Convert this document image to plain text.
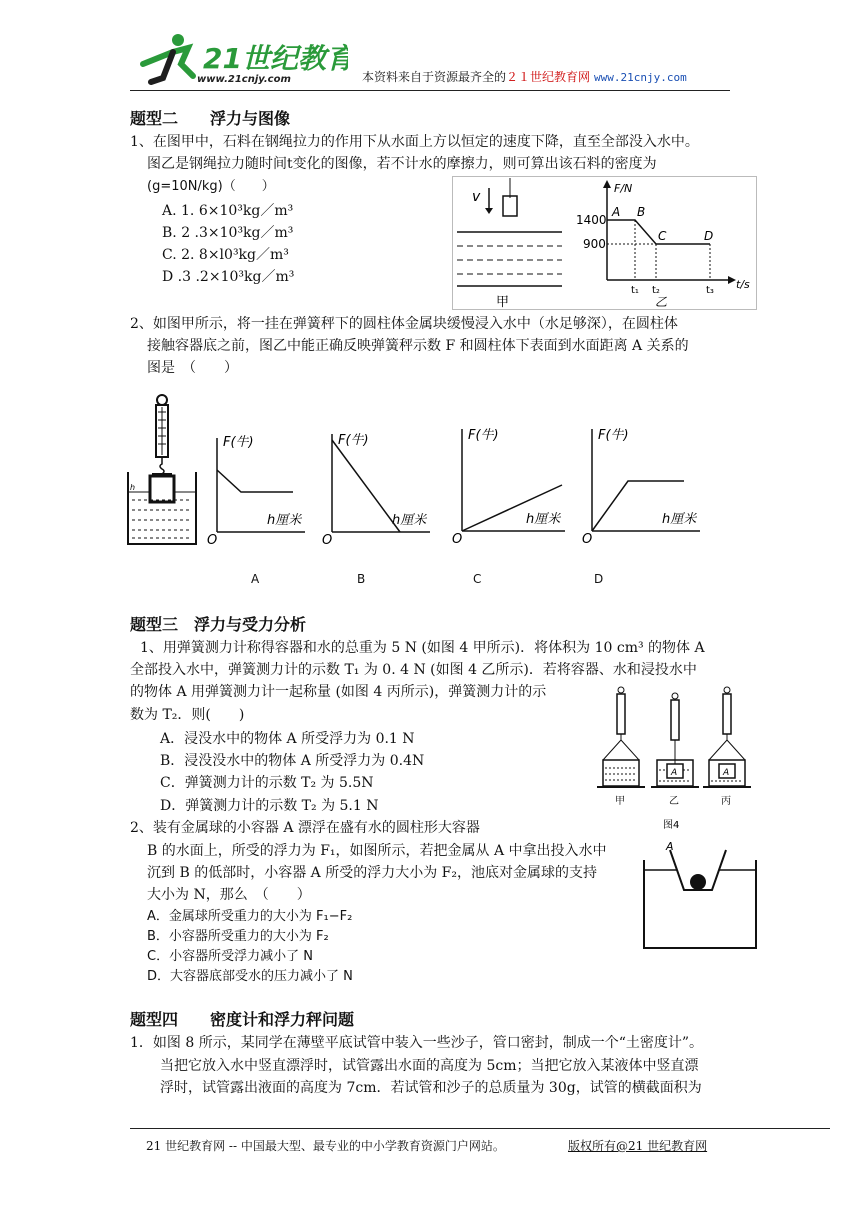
21世纪教育
www.21cnjy.com	本资料来自于资源最齐全的２１世纪教育网 www.21cnjy.com
题型二　　浮力与图像
1、在图甲中，石料在钢绳拉力的作用下从水面上方以恒定的速度下降，直至全部没入水中。
图乙是钢绳拉力随时间t变化的图像，若不计水的摩擦力，则可算出该石料的密度为
(g=10N/kg)（　　）
A. 1. 6×10³kg／m³
B. 2 .3×10³kg／m³
C. 2. 8×l0³kg／m³
D .3 .2×10³kg／m³
v
甲
F/N
t/s
1400
900
A B
C	D
t₁ t₂	t₃
乙
2、如图甲所示，将一挂在弹簧秤下的圆柱体金属块缓慢浸入水中（水足够深），在圆柱体
接触容器底之前，图乙中能正确反映弹簧秤示数 F 和圆柱体下表面到水面距离 A 关系的
图是　（　　）
h
F(牛)
h厘米
O
F(牛)
h厘米
O
F(牛)
h厘米
O
F(牛)
h厘米
O
A	B	C	D
题型三　浮力与受力分析
1、用弹簧测力计称得容器和水的总重为 5 N (如图 4 甲所示)．将体积为 10 cm³ 的物体 A
全部投入水中，弹簧测力计的示数 T₁ 为 0. 4 N (如图 4 乙所示)．若将容器、水和浸投水中
的物体 A 用弹簧测力计一起称量 (如图 4 丙所示)，弹簧测力计的示
数为 T₂．则(　　)
A．浸没水中的物体 A 所受浮力为 0.1 N
B．浸没没水中的物体 A 所受浮力为 0.4N
C．弹簧测力计的示数 T₂ 为 5.5N
D．弹簧测力计的示数 T₂ 为 5.1 N	甲
A
乙
A
丙
图4
2、装有金属球的小容器 A 漂浮在盛有水的圆柱形大容器
B 的水面上，所受的浮力为 F₁，如图所示，若把金属从 A 中拿出投入水中
沉到 B 的低部时，小容器 A 所受的浮力大小为 F₂，池底对金属球的支持
大小为 N，那么　（　　）
A．金属球所受重力的大小为 F₁−F₂
B．小容器所受重力的大小为 F₂
C．小容器所受浮力减小了 N
D．大容器底部受水的压力减小了 N
A
题型四　　密度计和浮力秤问题
1．如图 8 所示，某同学在薄壁平底试管中装入一些沙子，管口密封，制成一个“土密度计”。
当把它放入水中竖直漂浮时，试管露出水面的高度为 5cm；当把它放入某液体中竖直漂
浮时，试管露出液面的高度为 7cm．若试管和沙子的总质量为 30g，试管的横截面积为
21 世纪教育网 -- 中国最大型、最专业的中小学教育资源门户网站。	版权所有@21 世纪教育网
